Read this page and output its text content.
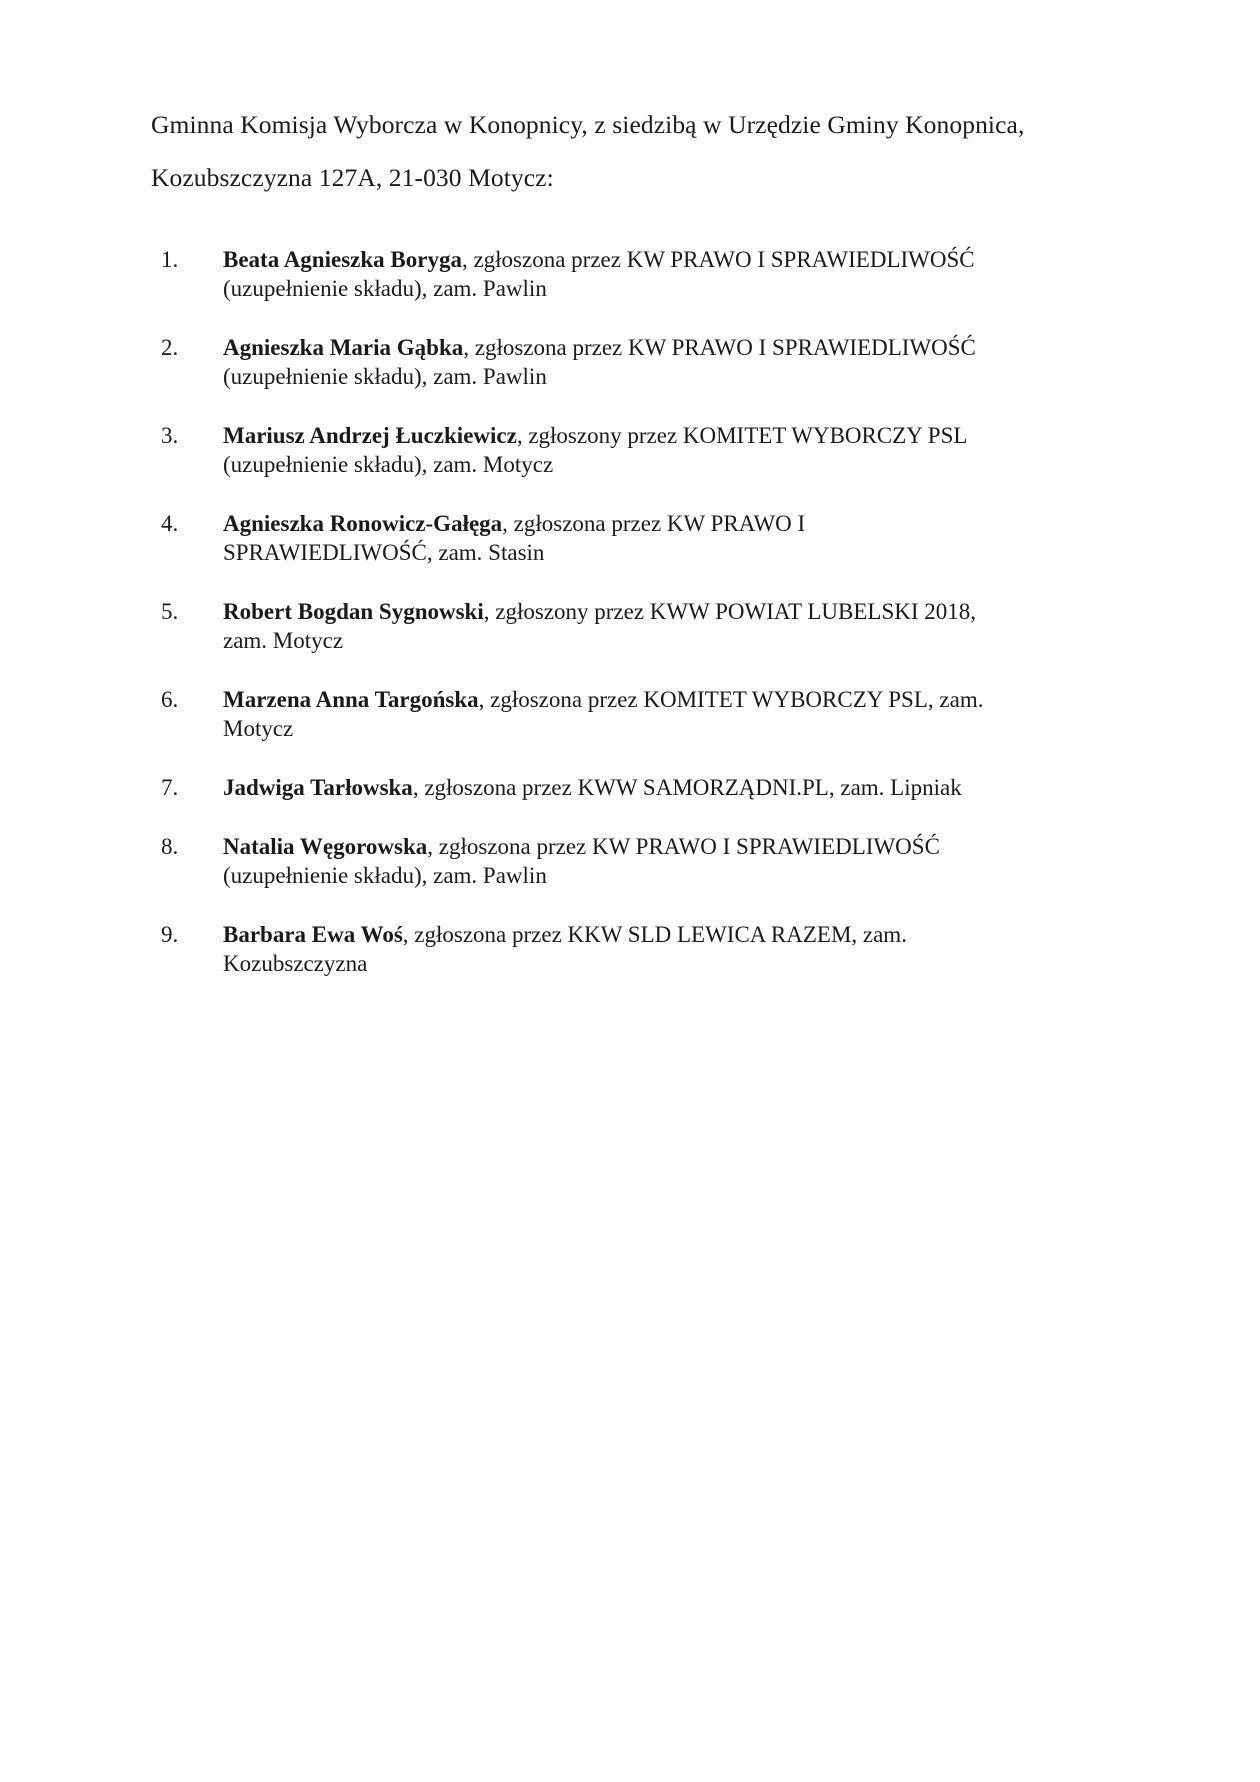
Gminna Komisja Wyborcza w Konopnicy, z siedzibą w Urzędzie Gminy Konopnica,
Kozubszczyzna 127A, 21-030 Motycz:

1. Beata Agnieszka Boryga, zgłoszona przez KW PRAWO I SPRAWIEDLIWOŚĆ
(uzupełnienie składu), zam. Pawlin
2. Agnieszka Maria Gąbka, zgłoszona przez KW PRAWO I SPRAWIEDLIWOŚĆ
(uzupełnienie składu), zam. Pawlin
3. Mariusz Andrzej Łuczkiewicz, zgłoszony przez KOMITET WYBORCZY PSL
(uzupełnienie składu), zam. Motycz
4. Agnieszka Ronowicz-Gałęga, zgłoszona przez KW PRAWO I
SPRAWIEDLIWOŚĆ, zam. Stasin
5. Robert Bogdan Sygnowski, zgłoszony przez KWW POWIAT LUBELSKI 2018,
zam. Motycz
6. Marzena Anna Targońska, zgłoszona przez KOMITET WYBORCZY PSL, zam.
Motycz
7. Jadwiga Tarłowska, zgłoszona przez KWW SAMORZĄDNI.PL, zam. Lipniak
8. Natalia Węgorowska, zgłoszona przez KW PRAWO I SPRAWIEDLIWOŚĆ
(uzupełnienie składu), zam. Pawlin
9. Barbara Ewa Woś, zgłoszona przez KKW SLD LEWICA RAZEM, zam.
Kozubszczyzna
